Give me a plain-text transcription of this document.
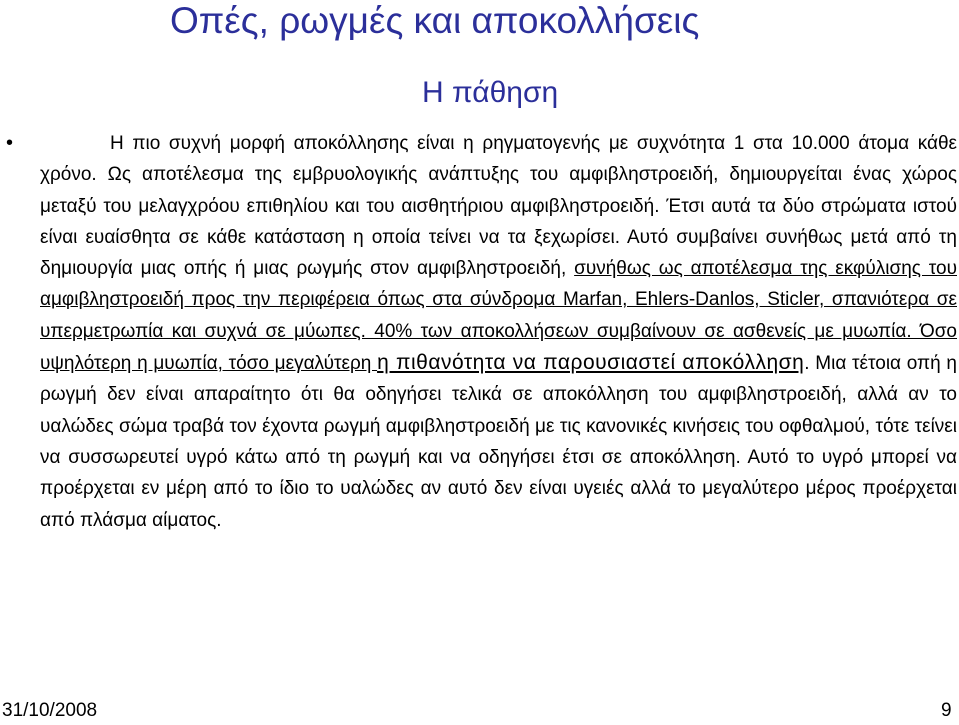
Οπές, ρωγμές και αποκολλήσεις
Η πάθηση
•	Η πιο συχνή μορφή αποκόλλησης είναι η ρηγματογενής με συχνότητα 1 στα 10.000 άτομα κάθε χρόνο. Ως αποτέλεσμα της εμβρυολογικής ανάπτυξης του αμφιβληστροειδή, δημιουργείται ένας χώρος μεταξύ του μελαγχρόου επιθηλίου και του αισθητήριου αμφιβληστροειδή. Έτσι αυτά τα δύο στρώματα ιστού είναι ευαίσθητα σε κάθε κατάσταση η οποία τείνει να τα ξεχωρίσει. Αυτό συμβαίνει συνήθως μετά από τη δημιουργία μιας οπής ή μιας ρωγμής στον αμφιβληστροειδή, συνήθως ως αποτέλεσμα της εκφύλισης του αμφιβληστροειδή προς την περιφέρεια όπως στα σύνδρομα Marfan, Ehlers-Danlos, Sticler, σπανιότερα σε υπερμετρωπία και συχνά σε μύωπες. 40% των αποκολλήσεων συμβαίνουν σε ασθενείς με μυωπία. Όσο υψηλότερη η μυωπία, τόσο μεγαλύτερη η πιθανότητα να παρουσιαστεί αποκόλληση. Μια τέτοια οπή η ρωγμή δεν είναι απαραίτητο ότι θα οδηγήσει τελικά σε αποκόλληση του αμφιβληστροειδή, αλλά αν το υαλώδες σώμα τραβά τον έχοντα ρωγμή αμφιβληστροειδή με τις κανονικές κινήσεις του οφθαλμού, τότε τείνει να συσσωρευτεί υγρό κάτω από τη ρωγμή και να οδηγήσει έτσι σε αποκόλληση. Αυτό το υγρό μπορεί να προέρχεται εν μέρη από το ίδιο το υαλώδες αν αυτό δεν είναι υγειές αλλά το μεγαλύτερο μέρος προέρχεται από πλάσμα αίματος.

31/10/2008	9
